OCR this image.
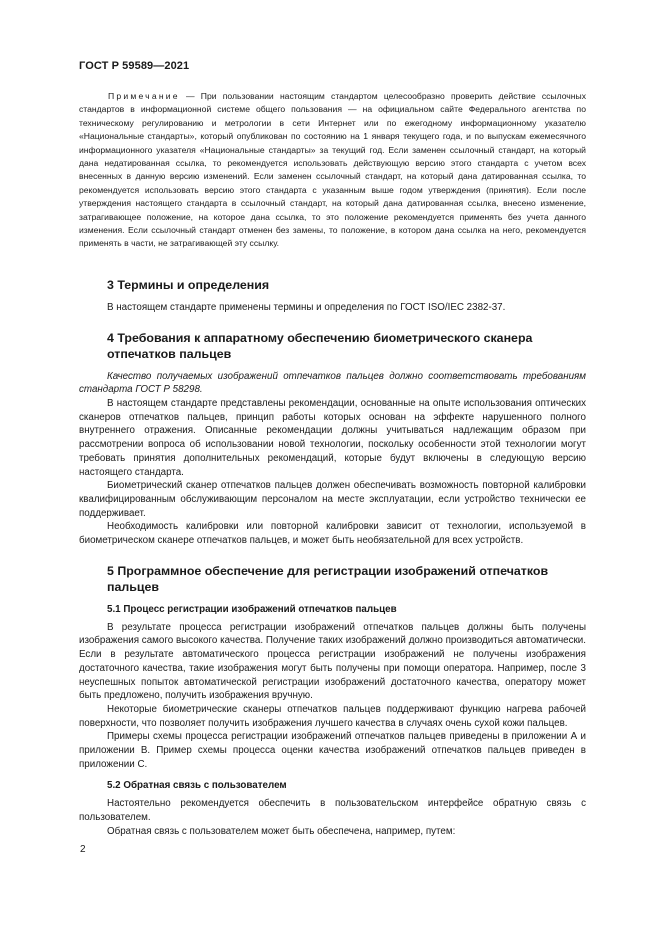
ГОСТ Р 59589—2021

Примечание — При пользовании настоящим стандартом целесообразно проверить действие ссылочных стандартов в информационной системе общего пользования — на официальном сайте Федерального агентства по техническому регулированию и метрологии в сети Интернет или по ежегодному информационному указателю «Национальные стандарты», который опубликован по состоянию на 1 января текущего года, и по выпускам ежемесячного информационного указателя «Национальные стандарты» за текущий год. Если заменен ссылочный стандарт, на который дана недатированная ссылка, то рекомендуется использовать действующую версию этого стандарта с учетом всех внесенных в данную версию изменений. Если заменен ссылочный стандарт, на который дана датированная ссылка, то рекомендуется использовать версию этого стандарта с указанным выше годом утверждения (принятия). Если после утверждения настоящего стандарта в ссылочный стандарт, на который дана датированная ссылка, внесено изменение, затрагивающее положение, на которое дана ссылка, то это положение рекомендуется применять без учета данного изменения. Если ссылочный стандарт отменен без замены, то положение, в котором дана ссылка на него, рекомендуется применять в части, не затрагивающей эту ссылку.

3 Термины и определения

В настоящем стандарте применены термины и определения по ГОСТ ISO/IEC 2382-37.

4 Требования к аппаратному обеспечению биометрического сканера отпечатков пальцев

Качество получаемых изображений отпечатков пальцев должно соответствовать требованиям стандарта ГОСТ Р 58298.

В настоящем стандарте представлены рекомендации, основанные на опыте использования оптических сканеров отпечатков пальцев, принцип работы которых основан на эффекте нарушенного полного внутреннего отражения. Описанные рекомендации должны учитываться надлежащим образом при рассмотрении вопроса об использовании новой технологии, поскольку особенности этой технологии могут требовать принятия дополнительных рекомендаций, которые будут включены в следующую версию настоящего стандарта.

Биометрический сканер отпечатков пальцев должен обеспечивать возможность повторной калибровки квалифицированным обслуживающим персоналом на месте эксплуатации, если устройство технически ее поддерживает.

Необходимость калибровки или повторной калибровки зависит от технологии, используемой в биометрическом сканере отпечатков пальцев, и может быть необязательной для всех устройств.

5 Программное обеспечение для регистрации изображений отпечатков пальцев
5.1 Процесс регистрации изображений отпечатков пальцев

В результате процесса регистрации изображений отпечатков пальцев должны быть получены изображения самого высокого качества. Получение таких изображений должно производиться автоматически. Если в результате автоматического процесса регистрации изображений не получены изображения достаточного качества, такие изображения могут быть получены при помощи оператора. Например, после 3 неуспешных попыток автоматической регистрации изображений достаточного качества, оператору может быть предложено, получить изображения вручную.

Некоторые биометрические сканеры отпечатков пальцев поддерживают функцию нагрева рабочей поверхности, что позволяет получить изображения лучшего качества в случаях очень сухой кожи пальцев.

Примеры схемы процесса регистрации изображений отпечатков пальцев приведены в приложении А и приложении В. Пример схемы процесса оценки качества изображений отпечатков пальцев приведен в приложении С.

5.2 Обратная связь с пользователем

Настоятельно рекомендуется обеспечить в пользовательском интерфейсе обратную связь с пользователем.

Обратная связь с пользователем может быть обеспечена, например, путем:

2
